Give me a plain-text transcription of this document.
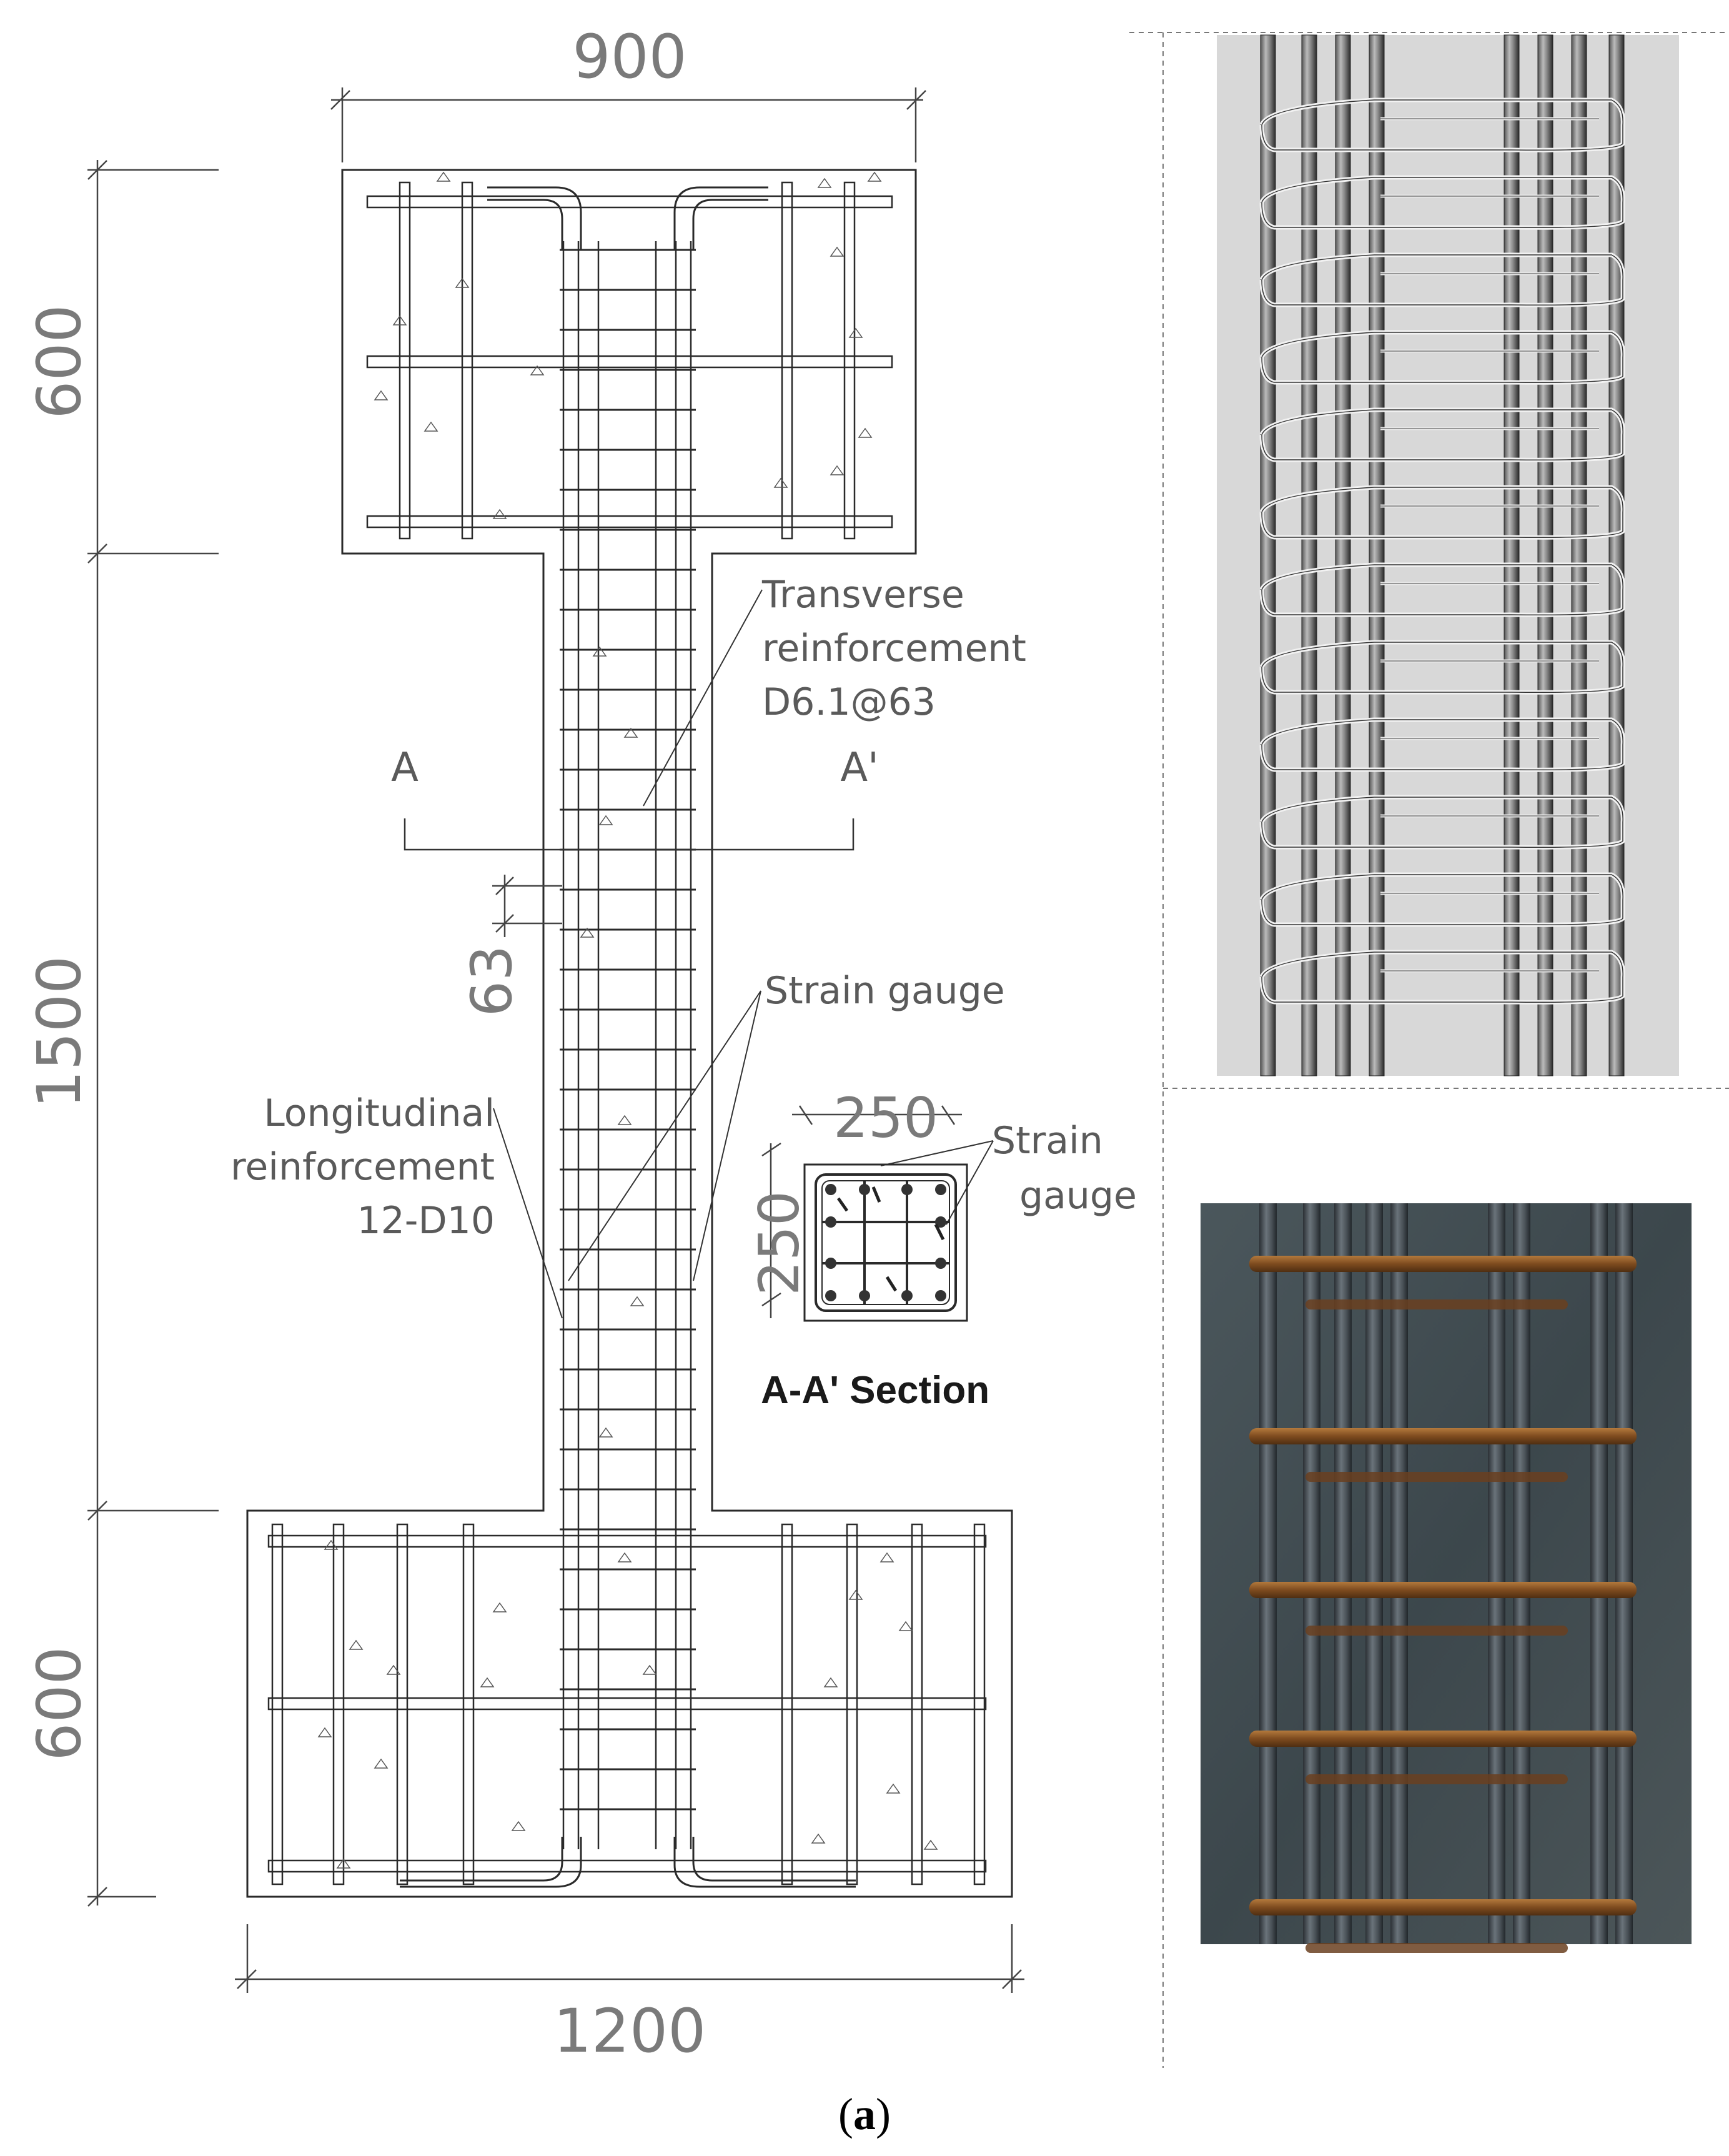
900
1200
600
1500
600
63
250
250
Transverse
reinforcement
D6.1@63
A	A'
Strain gauge
Strain
gauge
Longitudinal
reinforcement
12-D10
A-A' Section
(a)
